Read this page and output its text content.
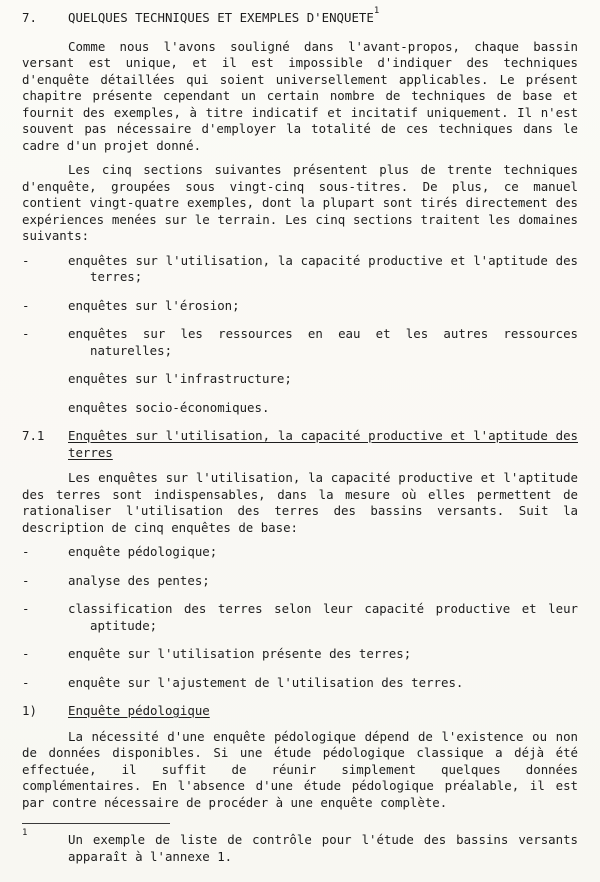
7.	QUELQUES TECHNIQUES ET EXEMPLES D'ENQUETE$^1$

Comme nous l'avons souligné dans l'avant-propos, chaque bassin versant est unique, et il est impossible d'indiquer des techniques d'enquête détaillées qui soient universellement applicables. Le présent chapitre présente cependant un certain nombre de techniques de base et fournit des exemples, à titre indicatif et incitatif uniquement. Il n'est souvent pas nécessaire d'employer la totalité de ces techniques dans le cadre d'un projet donné.

Les cinq sections suivantes présentent plus de trente techniques d'enquête, groupées sous vingt-cinq sous-titres. De plus, ce manuel contient vingt-quatre exemples, dont la plupart sont tirés directement des expériences menées sur le terrain. Les cinq sections traitent les domaines suivants:

-	enquêtes sur l'utilisation, la capacité productive et l'aptitude des terres;
-	enquêtes sur l'érosion;
-	enquêtes sur les ressources en eau et les autres ressources naturelles;
enquêtes sur l'infrastructure;
enquêtes socio-économiques.
7.1	Enquêtes sur l'utilisation, la capacité productive et l'aptitude des terres

Les enquêtes sur l'utilisation, la capacité productive et l'aptitude des terres sont indispensables, dans la mesure où elles permettent de rationaliser l'utilisation des terres des bassins versants. Suit la description de cinq enquêtes de base:

-	enquête pédologique;
-	analyse des pentes;
-	classification des terres selon leur capacité productive et leur aptitude;
-	enquête sur l'utilisation présente des terres;
-	enquête sur l'ajustement de l'utilisation des terres.
1)	Enquête pédologique

La nécessité d'une enquête pédologique dépend de l'existence ou non de données disponibles. Si une étude pédologique classique a déjà été effectuée, il suffit de réunir simplement quelques données complémentaires. En l'absence d'une étude pédologique préalable, il est par contre nécessaire de procéder à une enquête complète.

$^1$	Un exemple de liste de contrôle pour l'étude des bassins versants apparaît à l'annexe 1.
